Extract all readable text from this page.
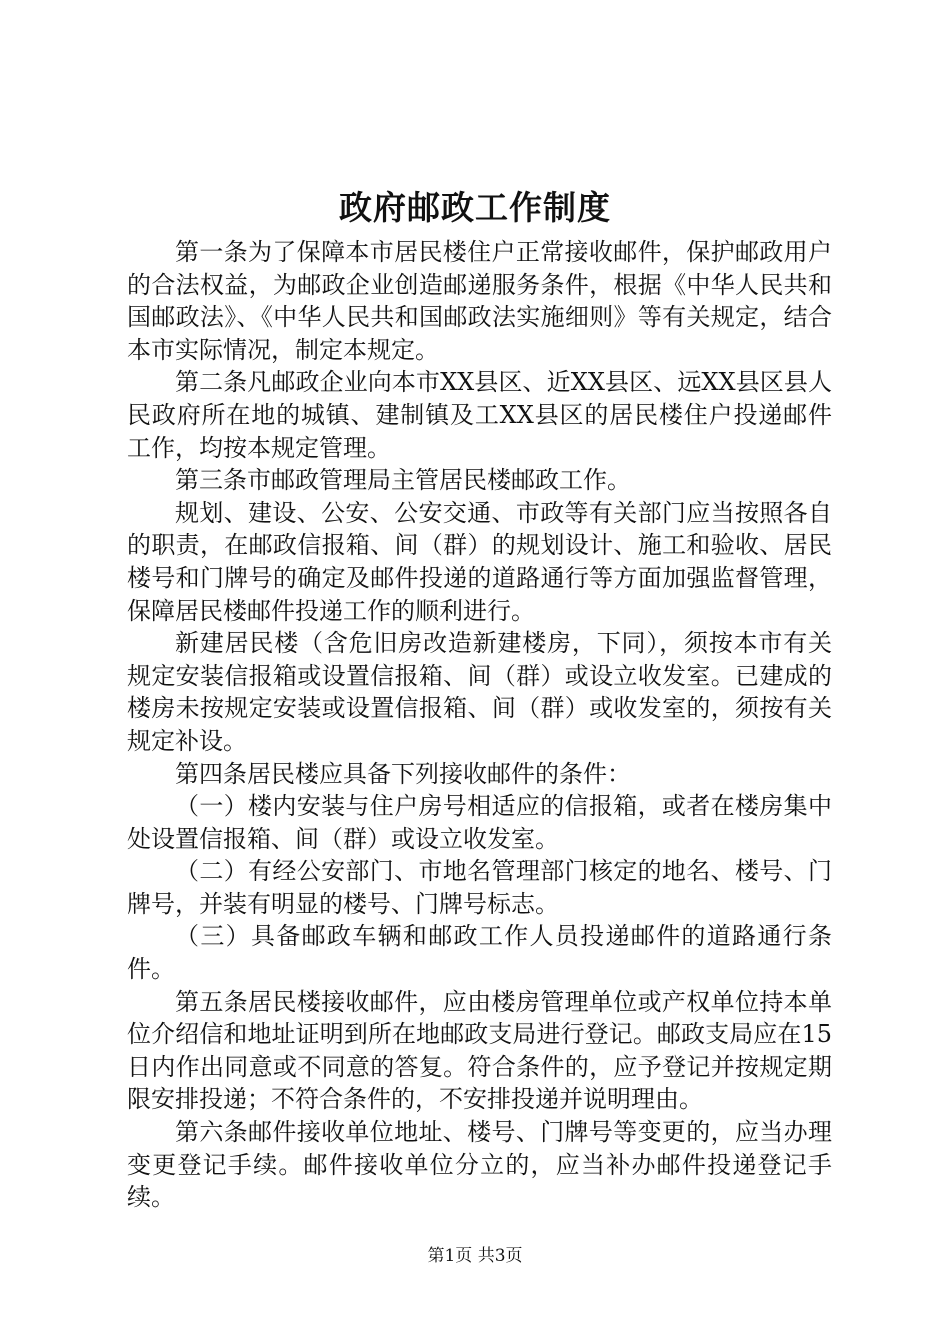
政府邮政工作制度

第一条为了保障本市居民楼住户正常接收邮件，保护邮政用户的合法权益，为邮政企业创造邮递服务条件，根据《中华人民共和国邮政法》、《中华人民共和国邮政法实施细则》等有关规定，结合本市实际情况，制定本规定。

第二条凡邮政企业向本市XX县区、近XX县区、远XX县区县人民政府所在地的城镇、建制镇及工XX县区的居民楼住户投递邮件工作，均按本规定管理。

第三条市邮政管理局主管居民楼邮政工作。

规划、建设、公安、公安交通、市政等有关部门应当按照各自的职责，在邮政信报箱、间（群）的规划设计、施工和验收、居民楼号和门牌号的确定及邮件投递的道路通行等方面加强监督管理，保障居民楼邮件投递工作的顺利进行。

新建居民楼（含危旧房改造新建楼房，下同），须按本市有关规定安装信报箱或设置信报箱、间（群）或设立收发室。已建成的楼房未按规定安装或设置信报箱、间（群）或收发室的，须按有关规定补设。

第四条居民楼应具备下列接收邮件的条件：

（一）楼内安装与住户房号相适应的信报箱，或者在楼房集中处设置信报箱、间（群）或设立收发室。

（二）有经公安部门、市地名管理部门核定的地名、楼号、门牌号，并装有明显的楼号、门牌号标志。

（三）具备邮政车辆和邮政工作人员投递邮件的道路通行条件。

第五条居民楼接收邮件，应由楼房管理单位或产权单位持本单位介绍信和地址证明到所在地邮政支局进行登记。邮政支局应在15日内作出同意或不同意的答复。符合条件的，应予登记并按规定期限安排投递；不符合条件的，不安排投递并说明理由。

第六条邮件接收单位地址、楼号、门牌号等变更的，应当办理变更登记手续。邮件接收单位分立的，应当补办邮件投递登记手续。

第1页 共3页
